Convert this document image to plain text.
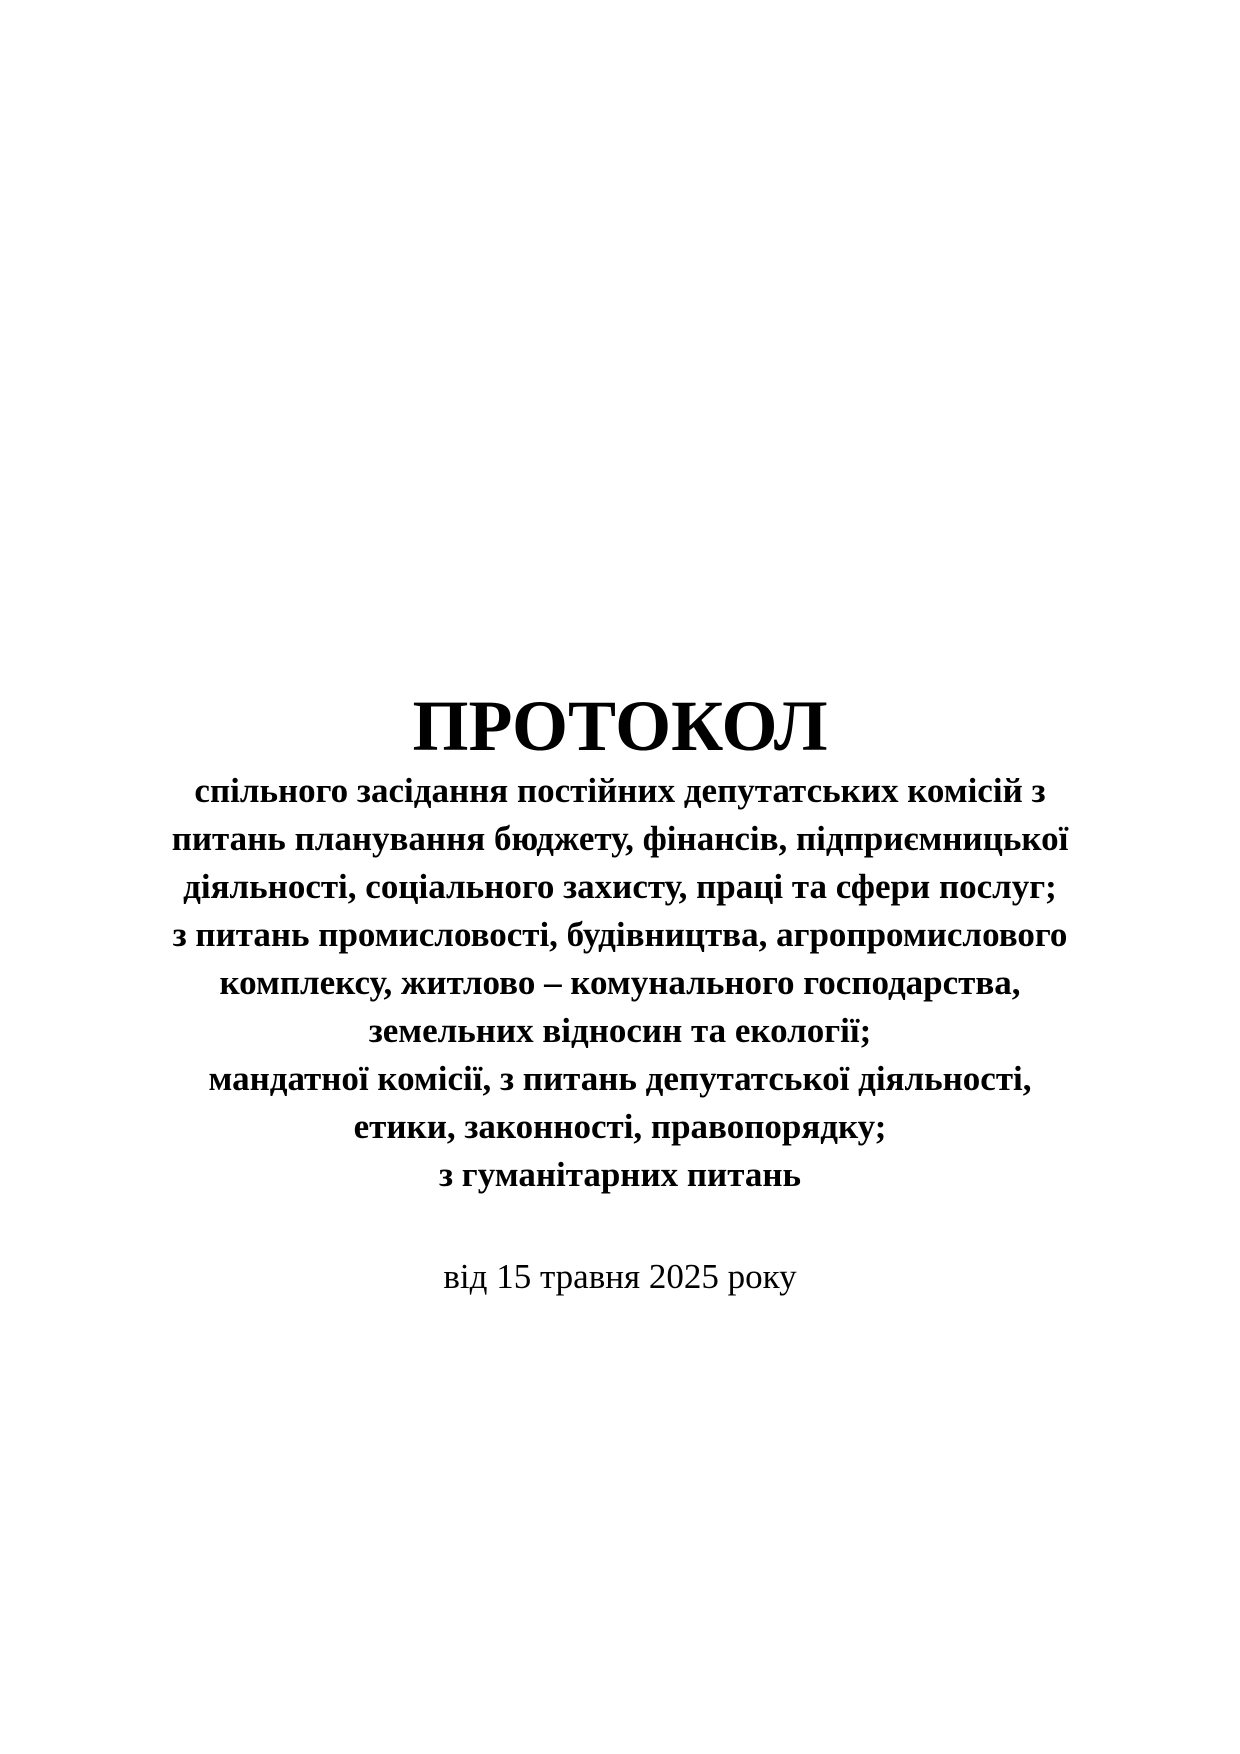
ПРОТОКОЛ
спільного засідання постійних депутатських комісій з
питань планування бюджету, фінансів, підприємницької
діяльності, соціального захисту, праці та сфери послуг;
з питань промисловості, будівництва, агропромислового
комплексу, житлово – комунального господарства,
земельних відносин та екології;
мандатної комісії, з питань депутатської діяльності,
етики, законності, правопорядку;
з гуманітарних питань
від 15 травня 2025 року
